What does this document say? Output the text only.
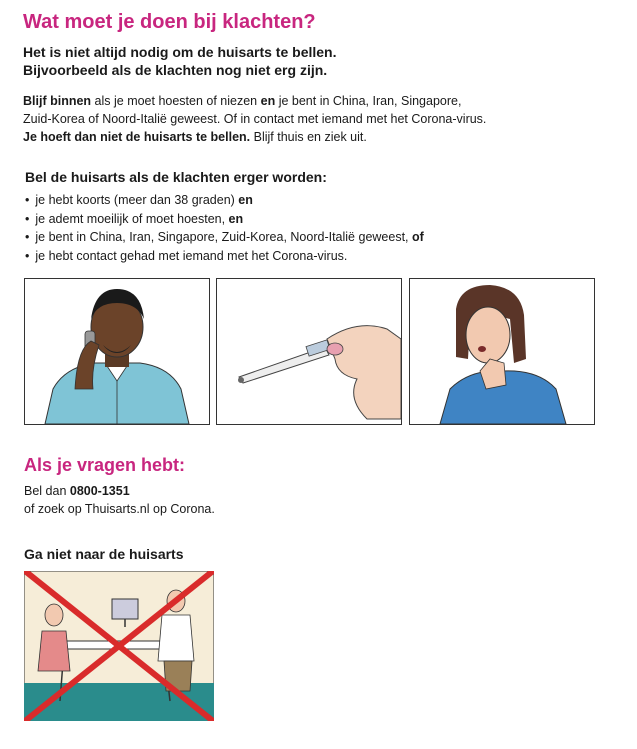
Wat moet je doen bij klachten?
Het is niet altijd nodig om de huisarts te bellen.
Bijvoorbeeld als de klachten nog niet erg zijn.
Blijf binnen als je moet hoesten of niezen en je bent in China, Iran, Singapore,
Zuid-Korea of Noord-Italië geweest. Of in contact met iemand met het Corona-virus.
Je hoeft dan niet de huisarts te bellen. Blijf thuis en ziek uit.
Bel de huisarts als de klachten erger worden:
• je hebt koorts (meer dan 38 graden) en
• je ademt moeilijk of moet hoesten, en
• je bent in China, Iran, Singapore, Zuid-Korea, Noord-Italië geweest, of
• je hebt contact gehad met iemand met het Corona-virus.
Als je vragen hebt:
Bel dan 0800-1351
of zoek op Thuisarts.nl op Corona.
Ga niet naar de huisarts
